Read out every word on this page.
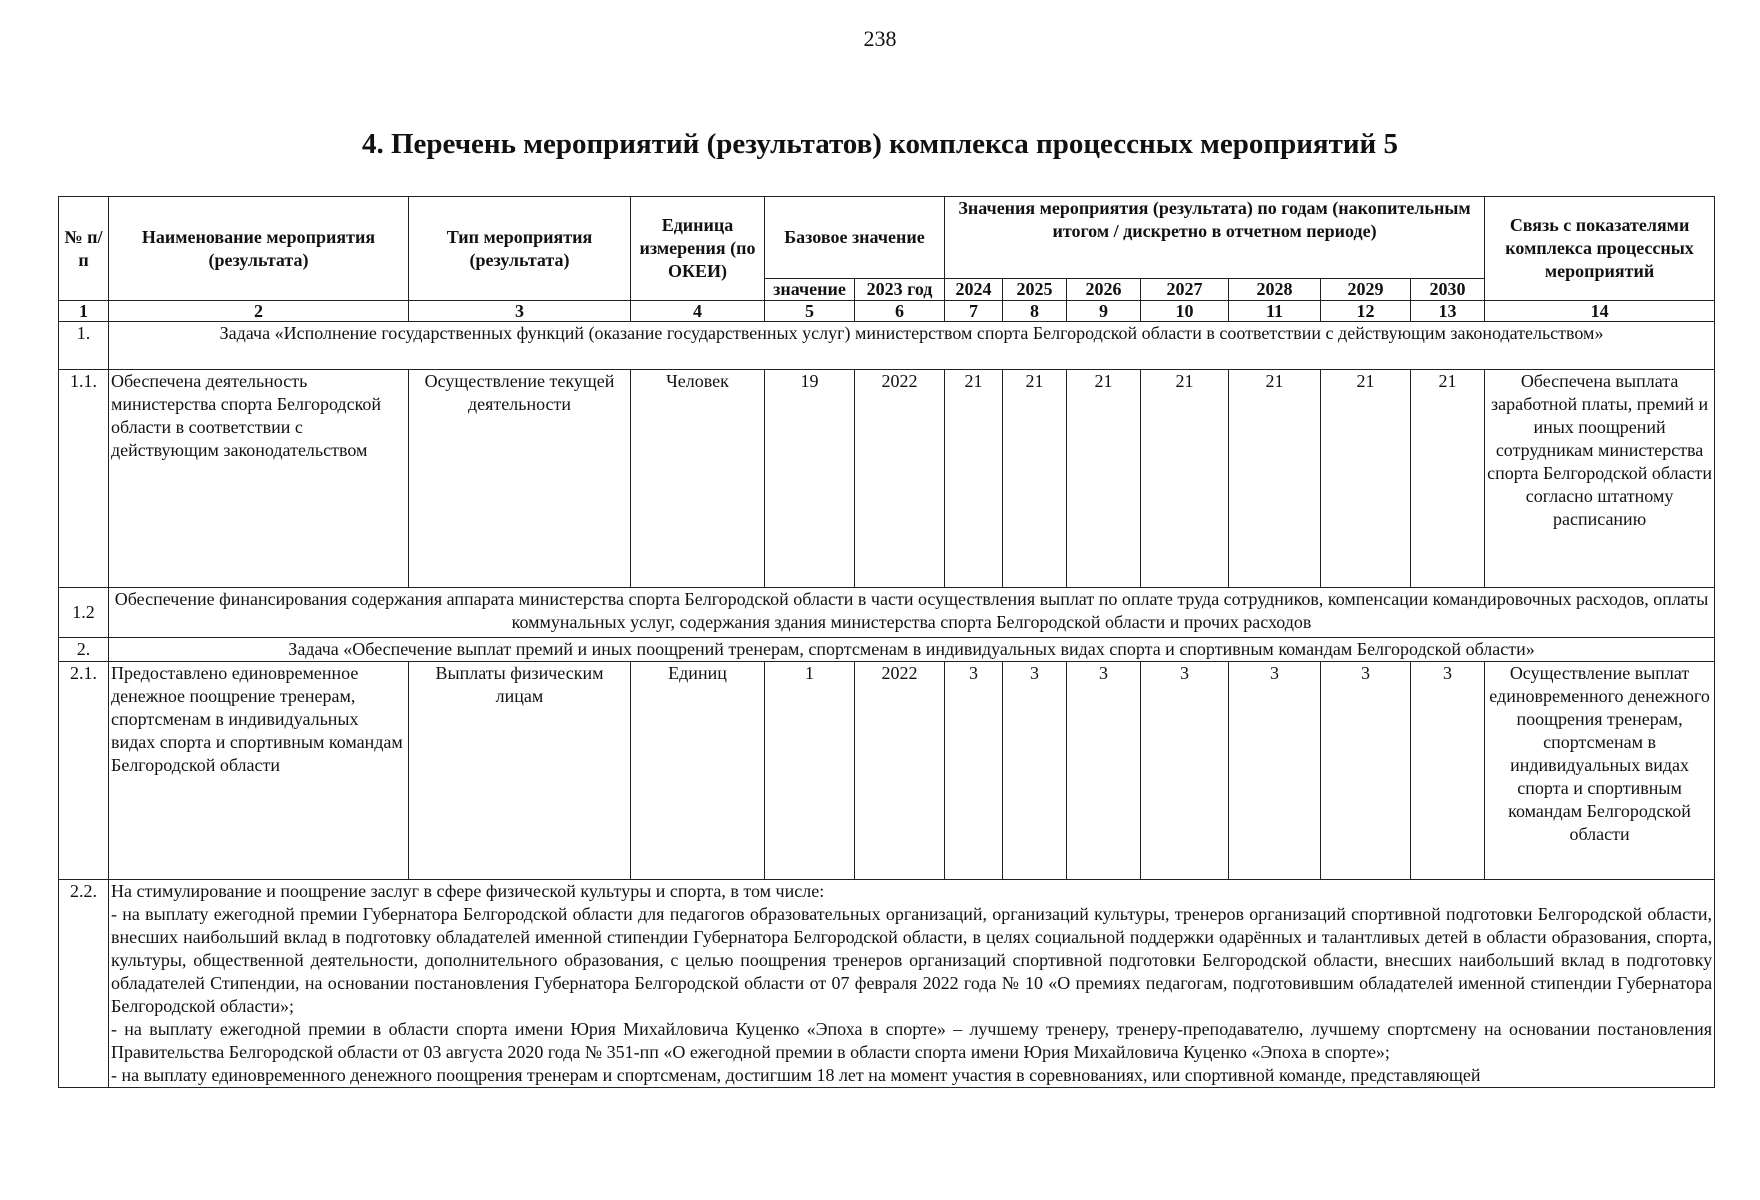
238
4. Перечень мероприятий (результатов) комплекса процессных мероприятий 5
№ п/п	Наименование мероприятия (результата)	Тип мероприятия (результата)	Единица измерения (по ОКЕИ)	Базовое значение		Значения мероприятия (результата) по годам (накопительным итогом / дискретно в отчетном периоде)							Связь с показателями комплекса процессных мероприятий
				значение	2023 год	2024	2025	2026	2027	2028	2029	2030	
1	2	3	4	5	6	7	8	9	10	11	12	13	14
1.	Задача «Исполнение государственных функций (оказание государственных услуг) министерством спорта Белгородской области в соответствии с действующим законодательством»												
1.1.	Обеспечена деятельность министерства спорта Белгородской области в соответствии с действующим законодательством	Осуществление текущей деятельности	Человек	19	2022	21	21	21	21	21	21	21	Обеспечена выплата заработной платы, премий и иных поощрений сотрудникам министерства спорта Белгородской области согласно штатному расписанию
1.2	Обеспечение финансирования содержания аппарата министерства спорта Белгородской области в части осуществления выплат по оплате труда сотрудников, компенсации командировочных расходов, оплаты коммунальных услуг, содержания здания министерства спорта Белгородской области и прочих расходов												
2.	Задача «Обеспечение выплат премий и иных поощрений тренерам, спортсменам в индивидуальных видах спорта и спортивным командам Белгородской области»												
2.1.	Предоставлено единовременное денежное поощрение тренерам, спортсменам в индивидуальных видах спорта и спортивным командам Белгородской области	Выплаты физическим лицам	Единиц	1	2022	3	3	3	3	3	3	3	Осуществление выплат единовременного денежного поощрения тренерам, спортсменам в индивидуальных видах спорта и спортивным командам Белгородской области
2.2.	На стимулирование и поощрение заслуг в сфере физической культуры и спорта, в том числе:

- на выплату ежегодной премии Губернатора Белгородской области для педагогов образовательных организаций, организаций культуры, тренеров организаций спортивной подготовки Белгородской области, внесших наибольший вклад в подготовку обладателей именной стипендии Губернатора Белгородской области, в целях социальной поддержки одарённых и талантливых детей в области образования, спорта, культуры, общественной деятельности, дополнительного образования, с целью поощрения тренеров организаций спортивной подготовки Белгородской области, внесших наибольший вклад в подготовку обладателей Стипендии, на основании постановления Губернатора Белгородской области от 07 февраля 2022 года № 10 «О премиях педагогам, подготовившим обладателей именной стипендии Губернатора Белгородской области»;

- на выплату ежегодной премии в области спорта имени Юрия Михайловича Куценко «Эпоха в спорте» – лучшему тренеру, тренеру-преподавателю, лучшему спортсмену на основании постановления Правительства Белгородской области от 03 августа 2020 года № 351-пп «О ежегодной премии в области спорта имени Юрия Михайловича Куценко «Эпоха в спорте»;

- на выплату единовременного денежного поощрения тренерам и спортсменам, достигшим 18 лет на момент участия в соревнованиях, или спортивной команде, представляющей												
